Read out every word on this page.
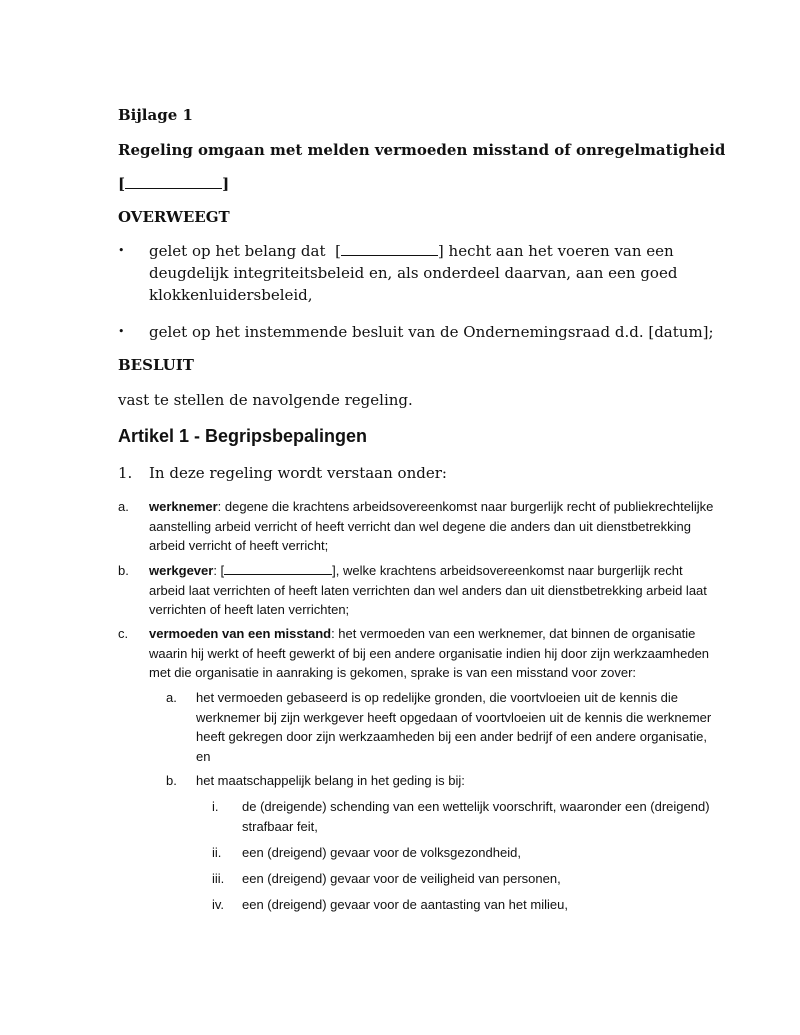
Bijlage 1
Regeling omgaan met melden vermoeden misstand of onregelmatigheid
[	]
OVERWEEGT
• gelet op het belang dat [	] hecht aan het voeren van een
deugdelijk integriteitsbeleid en, als onderdeel daarvan, aan een goed
klokkenluidersbeleid,
• gelet op het instemmende besluit van de Ondernemingsraad d.d. [datum];
BESLUIT
vast te stellen de navolgende regeling.
Artikel 1 - Begripsbepalingen
1. In deze regeling wordt verstaan onder:
a. werknemer: degene die krachtens arbeidsovereenkomst naar burgerlijk recht of publiekrechtelijke
aanstelling arbeid verricht of heeft verricht dan wel degene die anders dan uit dienstbetrekking
arbeid verricht of heeft verricht;
b. werkgever: [	], welke krachtens arbeidsovereenkomst naar burgerlijk recht
arbeid laat verrichten of heeft laten verrichten dan wel anders dan uit dienstbetrekking arbeid laat
verrichten of heeft laten verrichten;
c. vermoeden van een misstand: het vermoeden van een werknemer, dat binnen de organisatie
waarin hij werkt of heeft gewerkt of bij een andere organisatie indien hij door zijn werkzaamheden
met die organisatie in aanraking is gekomen, sprake is van een misstand voor zover:
a. het vermoeden gebaseerd is op redelijke gronden, die voortvloeien uit de kennis die
werknemer bij zijn werkgever heeft opgedaan of voortvloeien uit de kennis die werknemer
heeft gekregen door zijn werkzaamheden bij een ander bedrijf of een andere organisatie,
en
b. het maatschappelijk belang in het geding is bij:
i. de (dreigende) schending van een wettelijk voorschrift, waaronder een (dreigend)
strafbaar feit,
ii. een (dreigend) gevaar voor de volksgezondheid,
iii. een (dreigend) gevaar voor de veiligheid van personen,
iv. een (dreigend) gevaar voor de aantasting van het milieu,
